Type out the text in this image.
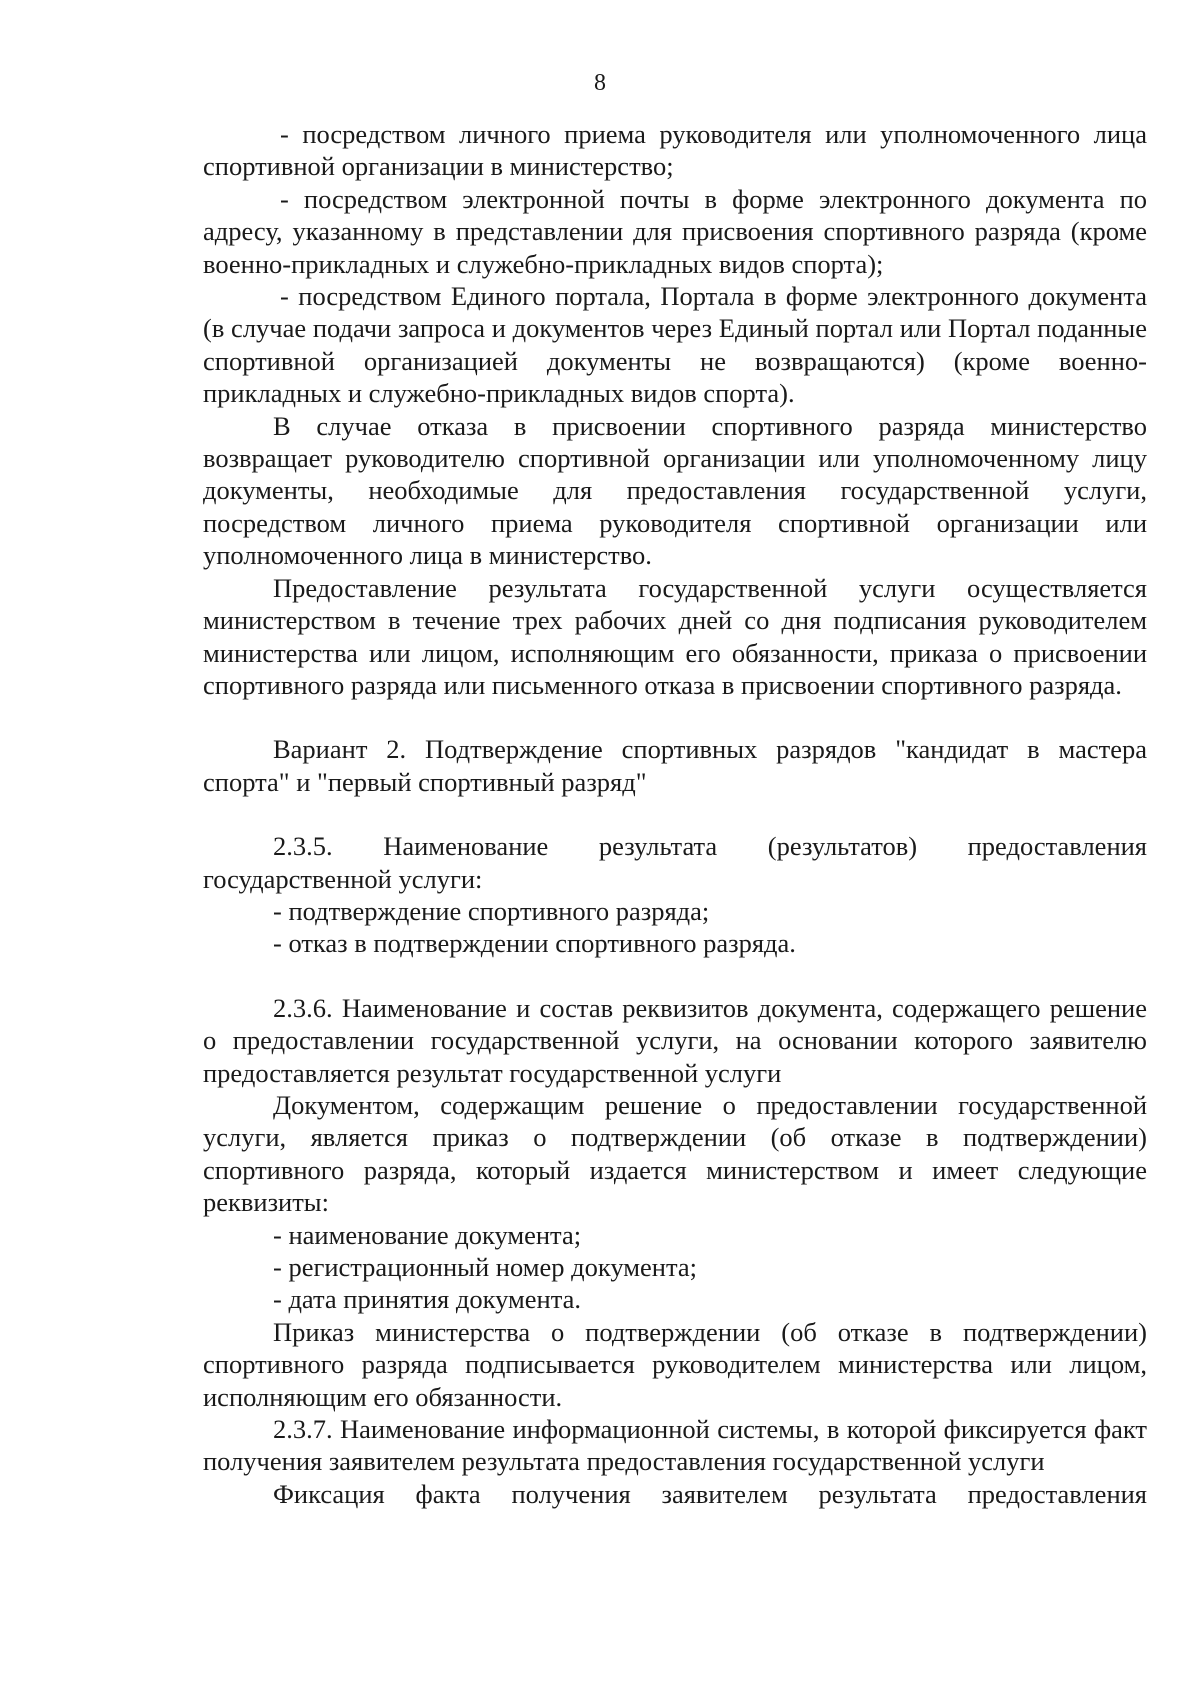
8

- посредством личного приема руководителя или уполномоченного лица спортивной организации в министерство;

- посредством электронной почты в форме электронного документа по адресу, указанному в представлении для присвоения спортивного разряда (кроме военно-прикладных и служебно-прикладных видов спорта);

- посредством Единого портала, Портала в форме электронного документа (в случае подачи запроса и документов через Единый портал или Портал поданные спортивной организацией документы не возвращаются) (кроме военно-прикладных и служебно-прикладных видов спорта).

В случае отказа в присвоении спортивного разряда министерство возвращает руководителю спортивной организации или уполномоченному лицу документы, необходимые для предоставления государственной услуги, посредством личного приема руководителя спортивной организации или уполномоченного лица в министерство.

Предоставление результата государственной услуги осуществляется министерством в течение трех рабочих дней со дня подписания руководителем министерства или лицом, исполняющим его обязанности, приказа о присвоении спортивного разряда или письменного отказа в присвоении спортивного разряда.

Вариант 2. Подтверждение спортивных разрядов "кандидат в мастера спорта" и "первый спортивный разряд"

2.3.5. Наименование результата (результатов) предоставления государственной услуги:

- подтверждение спортивного разряда;

- отказ в подтверждении спортивного разряда.

2.3.6. Наименование и состав реквизитов документа, содержащего решение о предоставлении государственной услуги, на основании которого заявителю предоставляется результат государственной услуги

Документом, содержащим решение о предоставлении государственной услуги, является приказ о подтверждении (об отказе в подтверждении) спортивного разряда, который издается министерством и имеет следующие реквизиты:

- наименование документа;

- регистрационный номер документа;

- дата принятия документа.

Приказ министерства о подтверждении (об отказе в подтверждении) спортивного разряда подписывается руководителем министерства или лицом, исполняющим его обязанности.

2.3.7. Наименование информационной системы, в которой фиксируется факт получения заявителем результата предоставления государственной услуги

Фиксация факта получения заявителем результата предоставления
